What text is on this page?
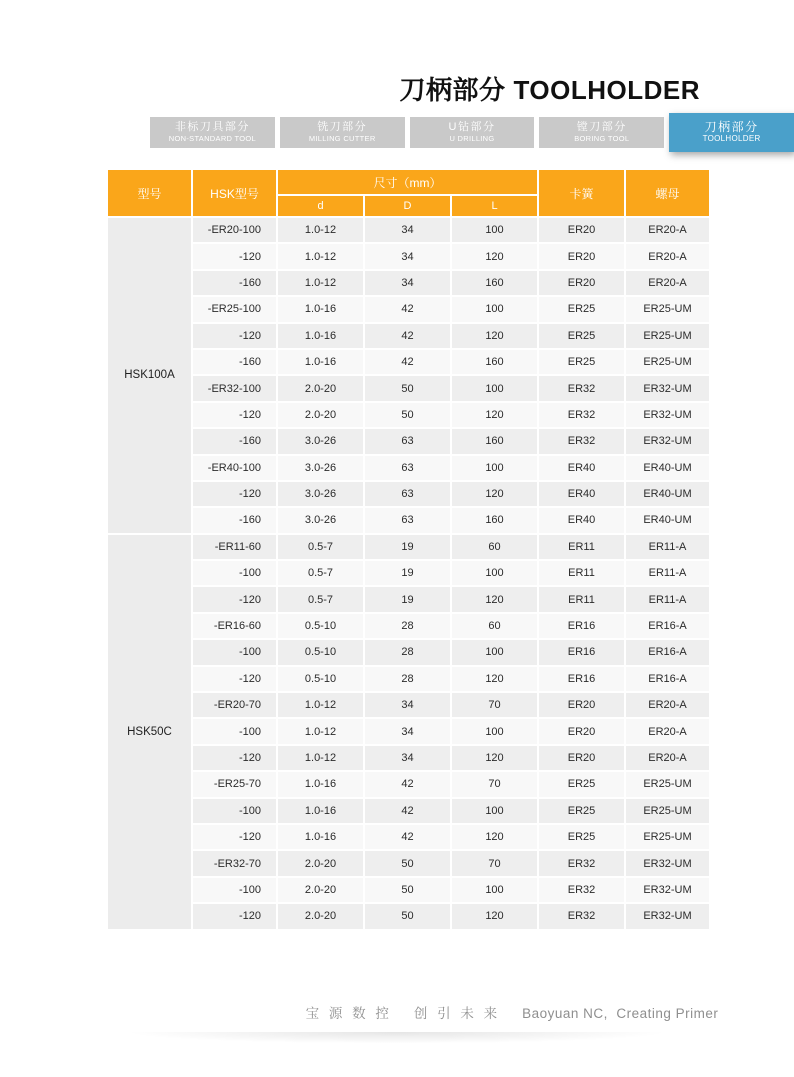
刀柄部分 TOOLHOLDER
非标刀具部分
NON-STANDARD TOOL
铣刀部分
MILLING CUTTER
U钻部分
U DRILLING
镗刀部分
BORING TOOL
刀柄部分
TOOLHOLDER
型号	HSK型号	尺寸（mm）			卡簧	螺母
		d	D	L		
HSK100A	-ER20-100	1.0-12	34	100	ER20	ER20-A
	-120	1.0-12	34	120	ER20	ER20-A
	-160	1.0-12	34	160	ER20	ER20-A
	-ER25-100	1.0-16	42	100	ER25	ER25-UM
	-120	1.0-16	42	120	ER25	ER25-UM
	-160	1.0-16	42	160	ER25	ER25-UM
	-ER32-100	2.0-20	50	100	ER32	ER32-UM
	-120	2.0-20	50	120	ER32	ER32-UM
	-160	3.0-26	63	160	ER32	ER32-UM
	-ER40-100	3.0-26	63	100	ER40	ER40-UM
	-120	3.0-26	63	120	ER40	ER40-UM
	-160	3.0-26	63	160	ER40	ER40-UM
HSK50C	-ER11-60	0.5-7	19	60	ER11	ER11-A
	-100	0.5-7	19	100	ER11	ER11-A
	-120	0.5-7	19	120	ER11	ER11-A
	-ER16-60	0.5-10	28	60	ER16	ER16-A
	-100	0.5-10	28	100	ER16	ER16-A
	-120	0.5-10	28	120	ER16	ER16-A
	-ER20-70	1.0-12	34	70	ER20	ER20-A
	-100	1.0-12	34	100	ER20	ER20-A
	-120	1.0-12	34	120	ER20	ER20-A
	-ER25-70	1.0-16	42	70	ER25	ER25-UM
	-100	1.0-16	42	100	ER25	ER25-UM
	-120	1.0-16	42	120	ER25	ER25-UM
	-ER32-70	2.0-20	50	70	ER32	ER32-UM
	-100	2.0-20	50	100	ER32	ER32-UM
	-120	2.0-20	50	120	ER32	ER32-UM
宝 源 数 控 创 引 未 来 Baoyuan NC,  Creating Primer
